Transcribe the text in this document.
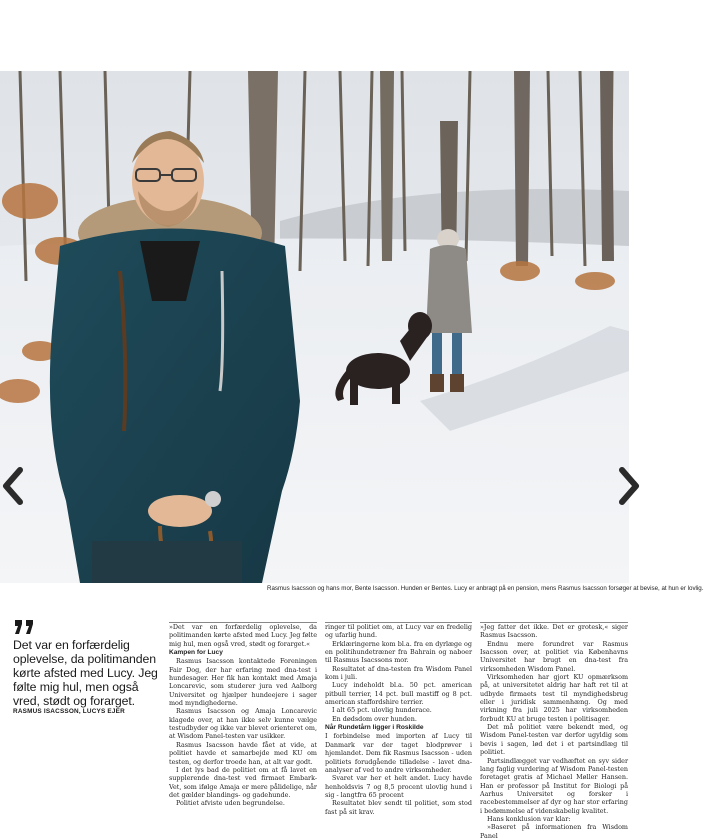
Rasmus Isacsson og hans mor, Bente Isacsson. Hunden er Bentes. Lucy er anbragt på en pension, mens Rasmus Isacsson forsøger at bevise, at hun er lovlig.
Det var en forfærdelig oplevelse, da politimanden kørte afsted med Lucy. Jeg følte mig hul, men også vred, stødt og forarget.
RASMUS ISACSSON, LUCYS EJER

»Det var en forfærdelig oplevelse, da politimanden kørte afsted med Lucy. Jeg følte mig hul, men også vred, stødt og forarget.«

Kampen for Lucy

Rasmus Isacsson kontaktede Foreningen Fair Dog, der har erfaring med dna-test i hundesager. Her fik han kontakt med Amaja Loncarevic, som studerer jura ved Aalborg Universitet og hjælper hundeejere i sager mod myndighederne.

Rasmus Isacsson og Amaja Loncarevic klagede over, at han ikke selv kunne vælge testudbyder og ikke var blevet orienteret om, at Wisdom Panel-testen var usikker.

Rasmus Isacsson havde fået at vide, at politiet havde et samarbejde med KU om testen, og derfor troede han, at alt var godt.

I det lys bad de politiet om at få lavet en supplerende dna-test ved firmaet Embark-Vet, som ifølge Amaja er mere pålidelige, når det gælder blandings- og gadehunde.

Politiet afviste uden begrundelse.

ringer til politiet om, at Lucy var en fredelig og ufarlig hund.

Erklæringerne kom bl.a. fra en dyrlæge og en politihundetræner fra Bahrain og naboer til Rasmus Isacssons mor.

Resultatet af dna-testen fra Wisdom Panel kom i juli.

Lucy indeholdt bl.a. 50 pct. american pitbull terrier, 14 pct. bull mastiff og 8 pct. american staffordshire terrier.

I alt 65 pct. ulovlig hunderace.

En dødsdom over hunden.

Når Rundetårn ligger i Roskilde

I forbindelse med importen af Lucy til Danmark var der taget blodprøver i hjemlandet. Dem fik Rasmus Isacsson - uden politiets forudgående tilladelse - lavet dna-analyser af ved to andre virksomheder.

Svaret var her et helt andet. Lucy havde henholdsvis 7 og 8,5 procent ulovlig hund i sig - langtfra 65 procent

Resultatet blev sendt til politiet, som stod fast på sit krav.

»Jeg fatter det ikke. Det er grotesk,« siger Rasmus Isacsson.

Endnu mere forundret var Rasmus Isacsson over, at politiet via Københavns Universitet har brugt en dna-test fra virksomheden Wisdom Panel.

Virksomheden har gjort KU opmærksom på, at universitetet aldrig har haft ret til at udbyde firmaets test til myndighedsbrug eller i juridisk sammenhæng. Og med virkning fra juli 2025 har virksomheden forbudt KU at bruge testen i politisager.

Det må politiet være bekendt med, og Wisdom Panel-testen var derfor ugyldig som bevis i sagen, lød det i et partsindlæg til politiet.

Partsindlægget var vedhæftet en syv sider lang faglig vurdering af Wisdom Panel-testen foretaget gratis af Michael Møller Hansen. Han er professor på Institut for Biologi på Aarhus Universitet og forsker i racebestemmelser af dyr og har stor erfaring i bedømmelse af videnskabelig kvalitet.

Hans konklusion var klar:

»Baseret på informationen fra Wisdom Panel
